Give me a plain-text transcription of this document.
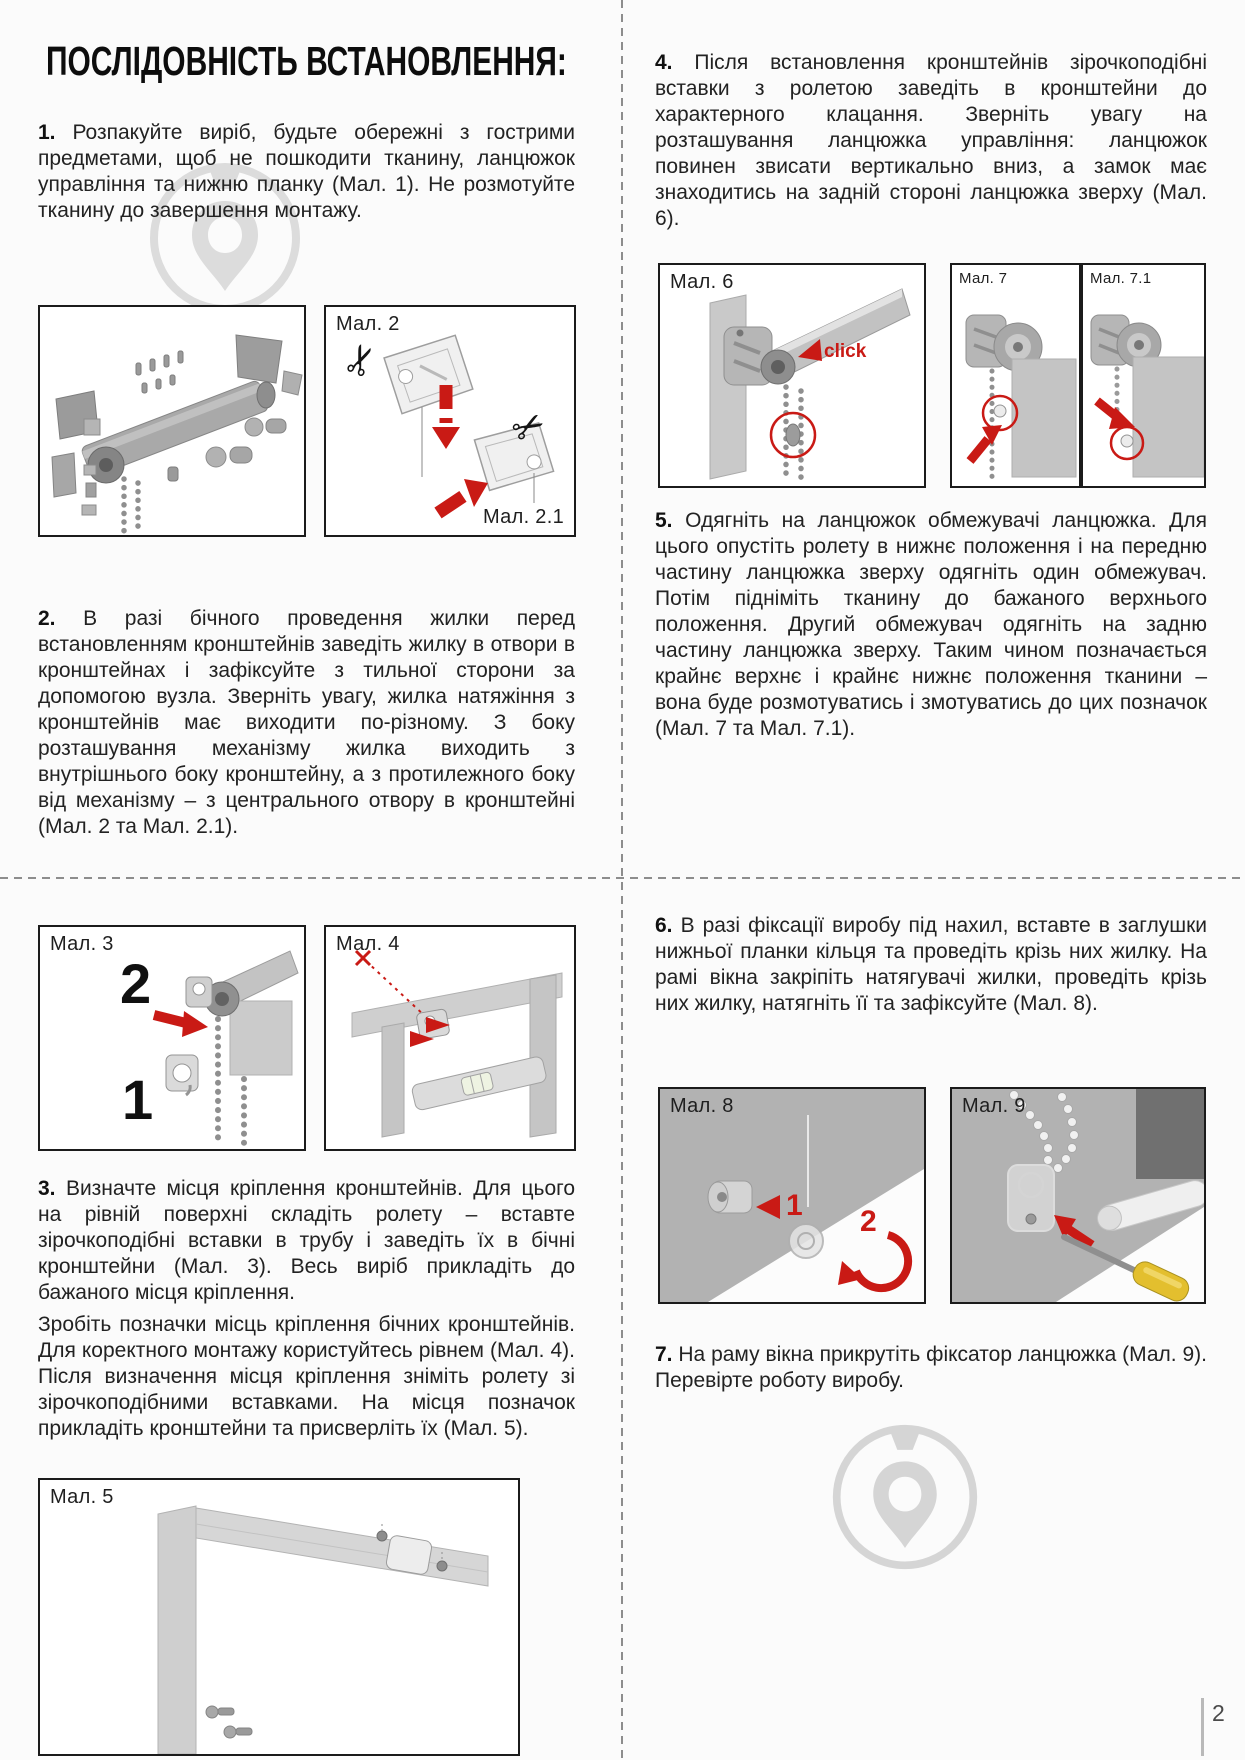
ПОСЛІДОВНІСТЬ ВСТАНОВЛЕННЯ:

1. Розпакуйте виріб, будьте обережні з гострими предметами, щоб не пошкодити тканину, ланцюжок управління та нижню планку (Мал. 1). Не розмотуйте тканину до завершення монтажу.

✂
✂
Мал. 2
Мал. 2.1

2. В разі бічного проведення жилки перед встановленням кронштейнів заведіть жилку в отвори в кронштейнах і зафіксуйте з тильної сторони за допомогою вузла. Зверніть увагу, жилка натяжіння з кронштейнів має виходити по-різному. З боку розташування механізму жилка виходить з внутрішнього боку кронштейну, а з протилежного боку від механізму – з центрального отвору в кронштейні (Мал. 2 та Мал. 2.1).

2
1
Мал. 3	Мал. 4

3. Визначте місця кріплення кронштейнів. Для цього на рівній поверхні складіть ролету – вставте зірочкоподібні вставки в трубу і заведіть їх в бічні кронштейни (Мал. 3). Весь виріб прикладіть до бажаного місця кріплення.

Зробіть позначки місць кріплення бічних кронштейнів. Для коректного монтажу користуйтесь рівнем (Мал. 4). Після визначення місця кріплення зніміть ролету зі зірочкоподібними вставками. На місця позначок прикладіть кронштейни та присверліть їх (Мал. 5).

Мал. 5

4. Після встановлення кронштейнів зірочкоподібні вставки з ролетою заведіть в кронштейни до характерного клацання. Зверніть увагу на розташування ланцюжка управління: ланцюжок повинен звисати вертикально вниз, а замок має знаходитись на задній стороні ланцюжка зверху (Мал. 6).

click
Мал. 6	Мал. 7	Мал. 7.1

5. Одягніть на ланцюжок обмежувачі ланцюжка. Для цього опустіть ролету в нижнє положення і на передню частину ланцюжка зверху одягніть один обмежувач. Потім підніміть тканину до бажаного верхнього положення. Другий обмежувач одягніть на задню частину ланцюжка зверху. Таким чином позначається крайнє верхнє і крайнє нижнє положення тканини – вона буде розмотуватись і змотуватись до цих позначок (Мал. 7 та Мал. 7.1).

6. В разі фіксації виробу під нахил, вставте в заглушки нижньої планки кільця та проведіть крізь них жилку. На рамі вікна закріпіть натягувачі жилки, проведіть крізь них жилку, натягніть її та зафіксуйте (Мал. 8).

1 2
Мал. 8	Мал. 9

7. На раму вікна прикрутіть фіксатор ланцюжка (Мал. 9). Перевірте роботу виробу.

2
